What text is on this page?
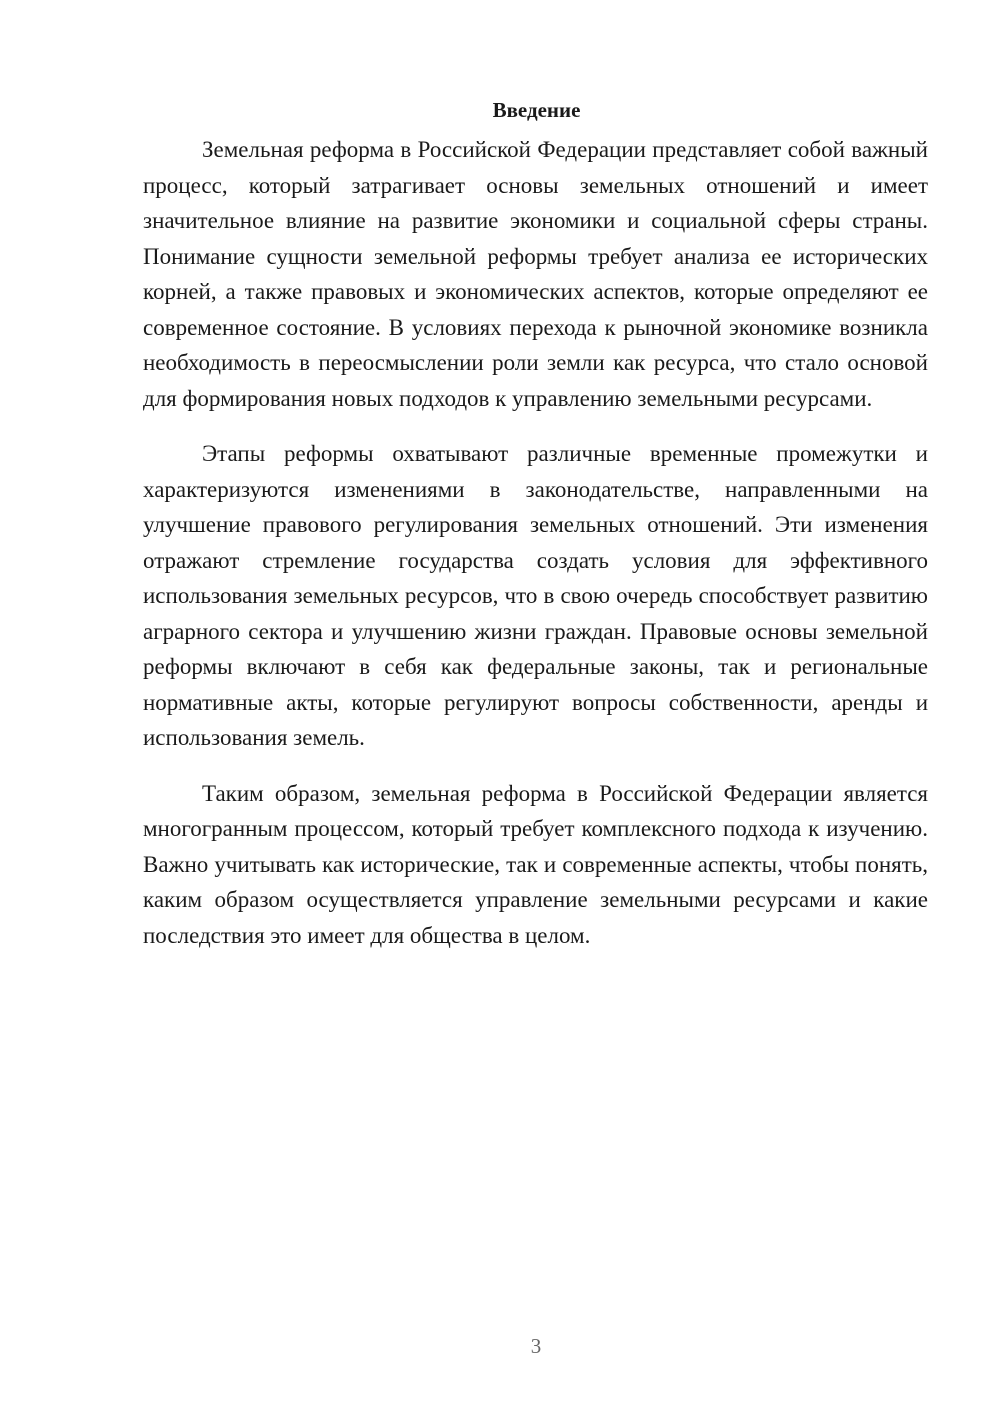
Введение

Земельная реформа в Российской Федерации представляет собой важный процесс, который затрагивает основы земельных отношений и имеет значительное влияние на развитие экономики и социальной сферы страны. Понимание сущности земельной реформы требует анализа ее исторических корней, а также правовых и экономических аспектов, которые определяют ее современное состояние. В условиях перехода к рыночной экономике возникла необходимость в переосмыслении роли земли как ресурса, что стало основой для формирования новых подходов к управлению земельными ресурсами.

Этапы реформы охватывают различные временные промежутки и характеризуются изменениями в законодательстве, направленными на улучшение правового регулирования земельных отношений. Эти изменения отражают стремление государства создать условия для эффективного использования земельных ресурсов, что в свою очередь способствует развитию аграрного сектора и улучшению жизни граждан. Правовые основы земельной реформы включают в себя как федеральные законы, так и региональные нормативные акты, которые регулируют вопросы собственности, аренды и использования земель.

Таким образом, земельная реформа в Российской Федерации является многогранным процессом, который требует комплексного подхода к изучению. Важно учитывать как исторические, так и современные аспекты, чтобы понять, каким образом осуществляется управление земельными ресурсами и какие последствия это имеет для общества в целом.

3
